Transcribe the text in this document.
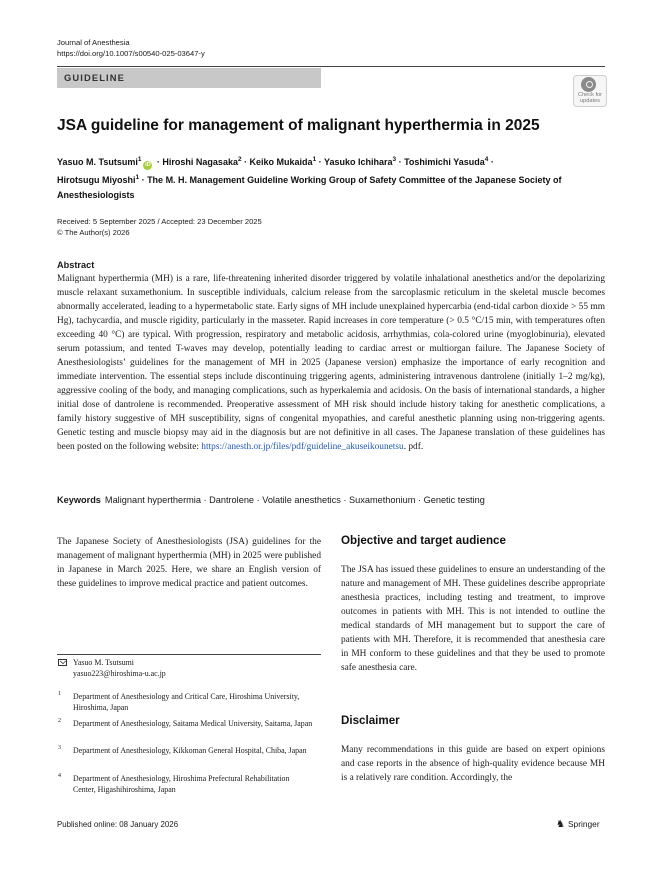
Journal of Anesthesia
https://doi.org/10.1007/s00540-025-03647-y
GUIDELINE
Check for updates
JSA guideline for management of malignant hyperthermia in 2025
Yasuo M. Tsutsumi$^1$iD · Hiroshi Nagasaka$^2$ · Keiko Mukaida$^1$ · Yasuko Ichihara$^3$ · Toshimichi Yasuda$^4$ ·
Hirotsugu Miyoshi$^1$ · The M. H. Management Guideline Working Group of Safety Committee of the Japanese Society of Anesthesiologists
Received: 5 September 2025 / Accepted: 23 December 2025
© The Author(s) 2026
Abstract
Malignant hyperthermia (MH) is a rare, life-threatening inherited disorder triggered by volatile inhalational anesthetics and/or the depolarizing muscle relaxant suxamethonium. In susceptible individuals, calcium release from the sarcoplasmic reticulum in the skeletal muscle becomes abnormally accelerated, leading to a hypermetabolic state. Early signs of MH include unexplained hypercarbia (end-tidal carbon dioxide > 55 mm Hg), tachycardia, and muscle rigidity, particularly in the masseter. Rapid increases in core temperature (> 0.5 °C/15 min, with temperatures often exceeding 40 °C) are typical. With progression, respiratory and metabolic acidosis, arrhythmias, cola-colored urine (myoglobinuria), elevated serum potassium, and tented T-waves may develop, potentially leading to cardiac arrest or multiorgan failure. The Japanese Society of Anesthesiologists’ guidelines for the management of MH in 2025 (Japanese version) emphasize the importance of early recognition and immediate intervention. The essential steps include discontinuing triggering agents, administering intravenous dantrolene (initially 1–2 mg/kg), aggressive cooling of the body, and managing complications, such as hyperkalemia and acidosis. On the basis of international standards, a higher initial dose of dantrolene is recommended. Preoperative assessment of MH risk should include history taking for anesthetic complications, a family history suggestive of MH susceptibility, signs of congenital myopathies, and careful anesthetic planning using non-triggering agents. Genetic testing and muscle biopsy may aid in the diagnosis but are not definitive in all cases. The Japanese translation of these guidelines has been posted on the following website: https://anesth.or.jp/files/pdf/guideline_akuseikounetsu. pdf.
Keywords Malignant hyperthermia · Dantrolene · Volatile anesthetics · Suxamethonium · Genetic testing
The Japanese Society of Anesthesiologists (JSA) guidelines for the management of malignant hyperthermia (MH) in 2025 were published in Japanese in March 2025. Here, we share an English version of these guidelines to improve medical practice and patient outcomes.
Yasuo M. Tsutsumi
yasuo223@hiroshima-u.ac.jp
1 Department of Anesthesiology and Critical Care, Hiroshima University, Hiroshima, Japan
2 Department of Anesthesiology, Saitama Medical University, Saitama, Japan
3 Department of Anesthesiology, Kikkoman General Hospital, Chiba, Japan
4 Department of Anesthesiology, Hiroshima Prefectural Rehabilitation Center, Higashihiroshima, Japan
Objective and target audience
The JSA has issued these guidelines to ensure an understanding of the nature and management of MH. These guidelines describe appropriate anesthesia practices, including testing and treatment, to improve outcomes in patients with MH. This is not intended to outline the medical standards of MH management but to support the care of patients with MH. Therefore, it is recommended that anesthesia care in MH conform to these guidelines and that they be used to promote safe anesthesia care.
Disclaimer
Many recommendations in this guide are based on expert opinions and case reports in the absence of high-quality evidence because MH is a relatively rare condition. Accordingly, the
Published online: 08 January 2026	♞ Springer
